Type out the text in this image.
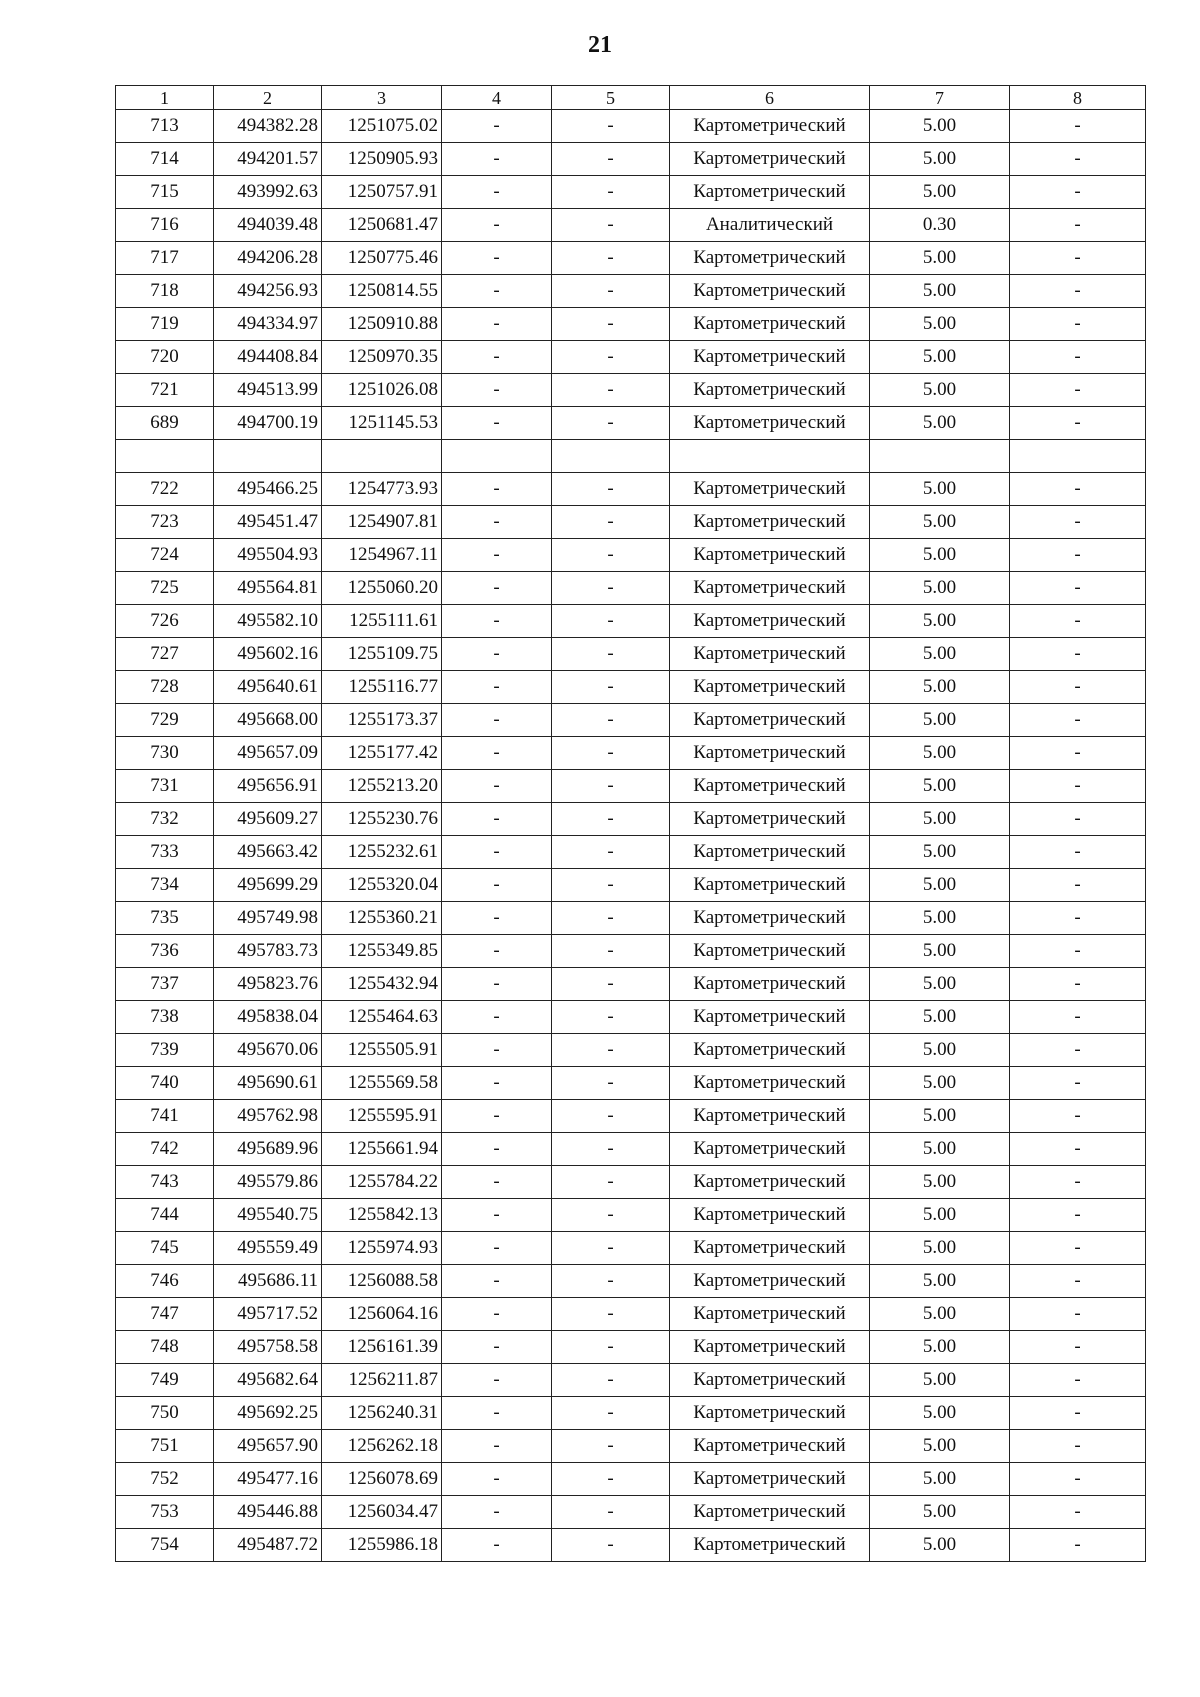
21
1	2	3	4	5	6	7	8
713	494382.28	1251075.02	-	-	Картометрический	5.00	-
714	494201.57	1250905.93	-	-	Картометрический	5.00	-
715	493992.63	1250757.91	-	-	Картометрический	5.00	-
716	494039.48	1250681.47	-	-	Аналитический	0.30	-
717	494206.28	1250775.46	-	-	Картометрический	5.00	-
718	494256.93	1250814.55	-	-	Картометрический	5.00	-
719	494334.97	1250910.88	-	-	Картометрический	5.00	-
720	494408.84	1250970.35	-	-	Картометрический	5.00	-
721	494513.99	1251026.08	-	-	Картометрический	5.00	-
689	494700.19	1251145.53	-	-	Картометрический	5.00	-

722	495466.25	1254773.93	-	-	Картометрический	5.00	-
723	495451.47	1254907.81	-	-	Картометрический	5.00	-
724	495504.93	1254967.11	-	-	Картометрический	5.00	-
725	495564.81	1255060.20	-	-	Картометрический	5.00	-
726	495582.10	1255111.61	-	-	Картометрический	5.00	-
727	495602.16	1255109.75	-	-	Картометрический	5.00	-
728	495640.61	1255116.77	-	-	Картометрический	5.00	-
729	495668.00	1255173.37	-	-	Картометрический	5.00	-
730	495657.09	1255177.42	-	-	Картометрический	5.00	-
731	495656.91	1255213.20	-	-	Картометрический	5.00	-
732	495609.27	1255230.76	-	-	Картометрический	5.00	-
733	495663.42	1255232.61	-	-	Картометрический	5.00	-
734	495699.29	1255320.04	-	-	Картометрический	5.00	-
735	495749.98	1255360.21	-	-	Картометрический	5.00	-
736	495783.73	1255349.85	-	-	Картометрический	5.00	-
737	495823.76	1255432.94	-	-	Картометрический	5.00	-
738	495838.04	1255464.63	-	-	Картометрический	5.00	-
739	495670.06	1255505.91	-	-	Картометрический	5.00	-
740	495690.61	1255569.58	-	-	Картометрический	5.00	-
741	495762.98	1255595.91	-	-	Картометрический	5.00	-
742	495689.96	1255661.94	-	-	Картометрический	5.00	-
743	495579.86	1255784.22	-	-	Картометрический	5.00	-
744	495540.75	1255842.13	-	-	Картометрический	5.00	-
745	495559.49	1255974.93	-	-	Картометрический	5.00	-
746	495686.11	1256088.58	-	-	Картометрический	5.00	-
747	495717.52	1256064.16	-	-	Картометрический	5.00	-
748	495758.58	1256161.39	-	-	Картометрический	5.00	-
749	495682.64	1256211.87	-	-	Картометрический	5.00	-
750	495692.25	1256240.31	-	-	Картометрический	5.00	-
751	495657.90	1256262.18	-	-	Картометрический	5.00	-
752	495477.16	1256078.69	-	-	Картометрический	5.00	-
753	495446.88	1256034.47	-	-	Картометрический	5.00	-
754	495487.72	1255986.18	-	-	Картометрический	5.00	-
